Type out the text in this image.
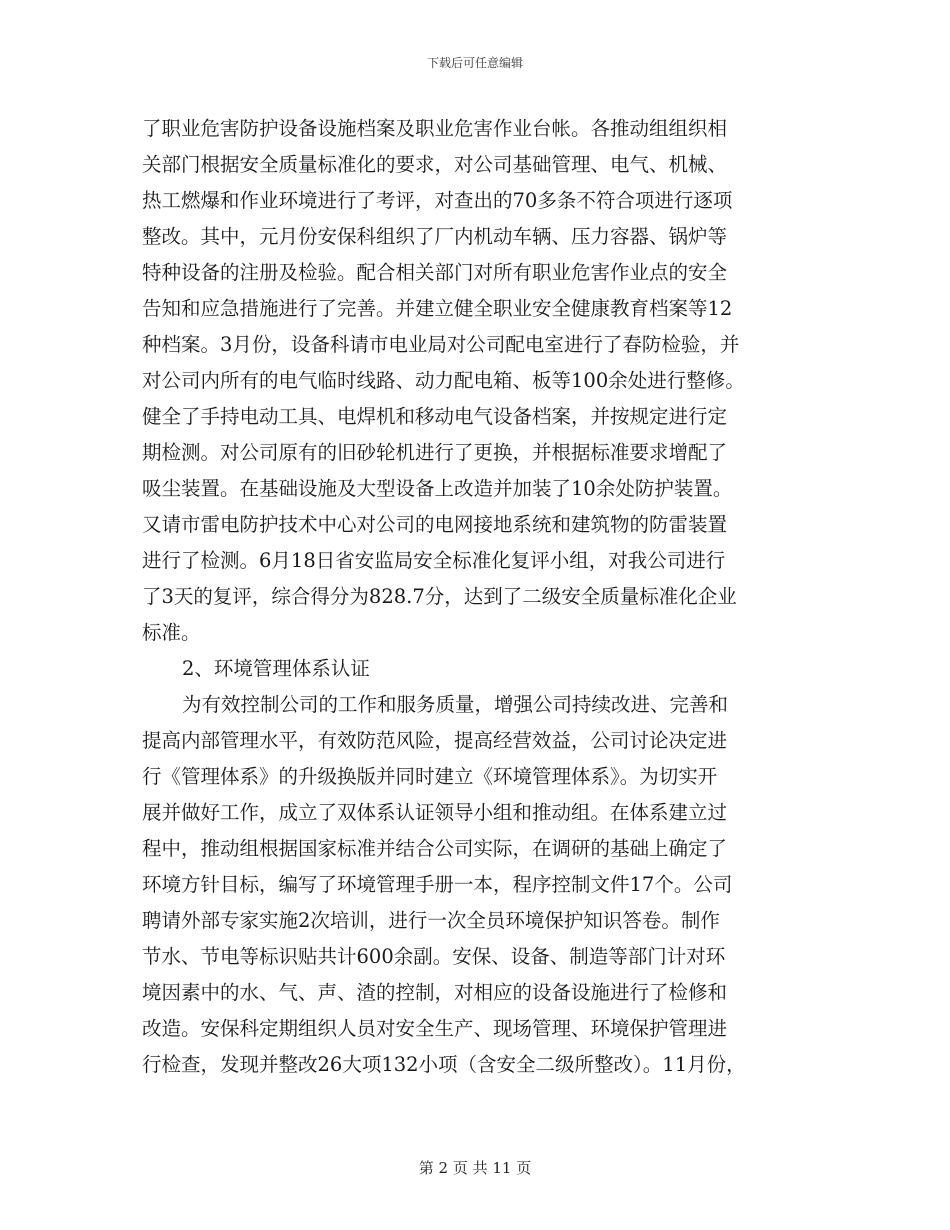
下载后可任意编辑
了职业危害防护设备设施档案及职业危害作业台帐。各推动组组织相
关部门根据安全质量标准化的要求，对公司基础管理、电气、机械、
热工燃爆和作业环境进行了考评，对查出的70多条不符合项进行逐项
整改。其中，元月份安保科组织了厂内机动车辆、压力容器、锅炉等
特种设备的注册及检验。配合相关部门对所有职业危害作业点的安全
告知和应急措施进行了完善。并建立健全职业安全健康教育档案等12
种档案。3月份，设备科请市电业局对公司配电室进行了春防检验，并
对公司内所有的电气临时线路、动力配电箱、板等100余处进行整修。
健全了手持电动工具、电焊机和移动电气设备档案，并按规定进行定
期检测。对公司原有的旧砂轮机进行了更换，并根据标准要求增配了
吸尘装置。在基础设施及大型设备上改造并加装了10余处防护装置。
又请市雷电防护技术中心对公司的电网接地系统和建筑物的防雷装置
进行了检测。6月18日省安监局安全标准化复评小组，对我公司进行
了3天的复评，综合得分为828.7分，达到了二级安全质量标准化企业
标准。
2、环境管理体系认证
为有效控制公司的工作和服务质量，增强公司持续改进、完善和
提高内部管理水平，有效防范风险，提高经营效益，公司讨论决定进
行《管理体系》的升级换版并同时建立《环境管理体系》。为切实开
展并做好工作，成立了双体系认证领导小组和推动组。在体系建立过
程中，推动组根据国家标准并结合公司实际，在调研的基础上确定了
环境方针目标，编写了环境管理手册一本，程序控制文件17个。公司
聘请外部专家实施2次培训，进行一次全员环境保护知识答卷。制作
节水、节电等标识贴共计600余副。安保、设备、制造等部门计对环
境因素中的水、气、声、渣的控制，对相应的设备设施进行了检修和
改造。安保科定期组织人员对安全生产、现场管理、环境保护管理进
行检查，发现并整改26大项132小项（含安全二级所整改）。11月份，
第 2 页 共 11 页
